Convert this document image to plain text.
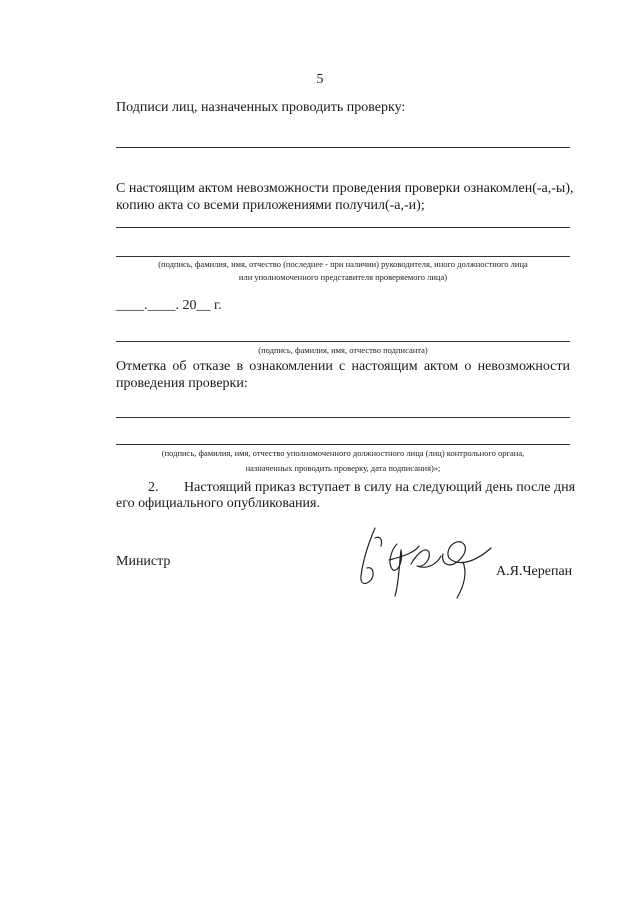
5
Подписи лиц, назначенных проводить проверку:
С настоящим актом невозможности проведения проверки ознакомлен(-а,-ы),
копию акта со всеми приложениями получил(-а,-и);
(подпись, фамилия, имя, отчество (последнее - при наличии) руководителя, иного должностного лица
или уполномоченного представителя проверяемого лица)
____.____. 20__ г.
(подпись, фамилия, имя, отчество подписанта)
Отметка об отказе в ознакомлении с настоящим актом о невозможности
проведения проверки:
(подпись, фамилия, имя, отчество уполномоченного должностного лица (лиц) контрольного органа,
назначенных проводить проверку, дата подписания)»;
2. Настоящий приказ вступает в силу на следующий день после дня
его официального опубликования.
Министр
А.Я.Черепан
